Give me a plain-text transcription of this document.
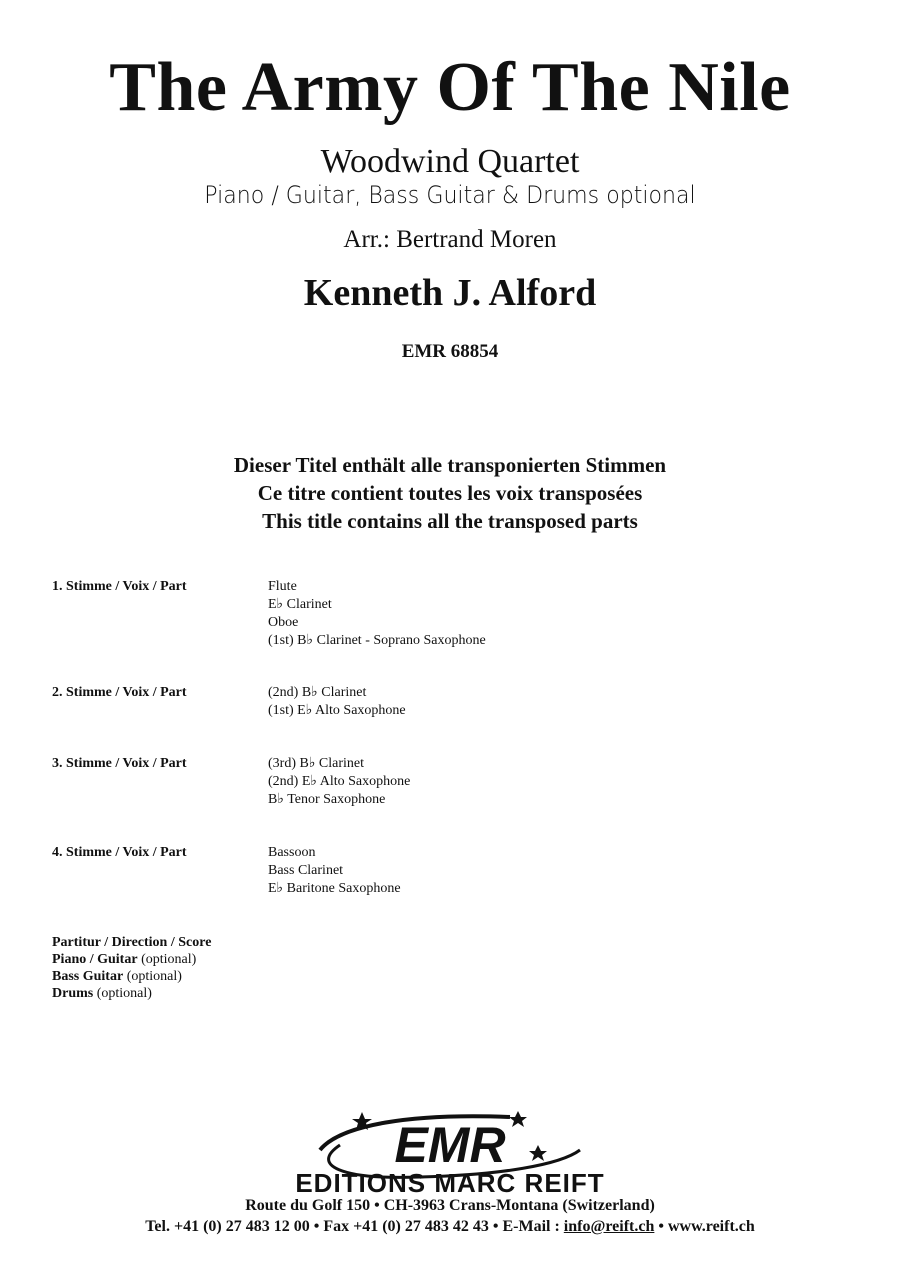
The Army Of The Nile
Woodwind Quartet
Piano / Guitar, Bass Guitar & Drums optional
Arr.: Bertrand Moren
Kenneth J. Alford
EMR 68854
Dieser Titel enthält alle transponierten Stimmen
Ce titre contient toutes les voix transposées
This title contains all the transposed parts
1. Stimme / Voix / Part	Flute
E♭ Clarinet
Oboe
(1st) B♭ Clarinet - Soprano Saxophone
2. Stimme / Voix / Part	(2nd) B♭ Clarinet
(1st) E♭ Alto Saxophone
3. Stimme / Voix / Part	(3rd) B♭ Clarinet
(2nd) E♭ Alto Saxophone
B♭ Tenor Saxophone
4. Stimme / Voix / Part	Bassoon
Bass Clarinet
E♭ Baritone Saxophone
Partitur / Direction / Score
Piano / Guitar (optional)
Bass Guitar (optional)
Drums (optional)
EMR
EDITIONS MARC REIFT
Route du Golf 150 • CH-3963 Crans-Montana (Switzerland)
Tel. +41 (0) 27 483 12 00 • Fax +41 (0) 27 483 42 43 • E-Mail : info@reift.ch • www.reift.ch
